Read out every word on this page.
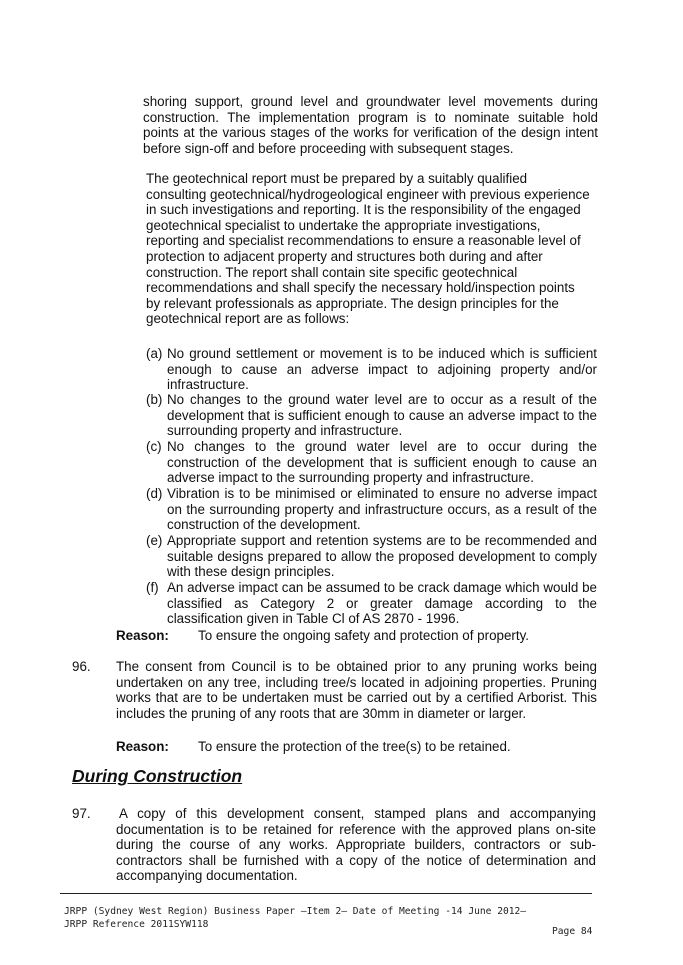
shoring support, ground level and groundwater level movements during construction. The implementation program is to nominate suitable hold points at the various stages of the works for verification of the design intent before sign-off and before proceeding with subsequent stages.
The geotechnical report must be prepared by a suitably qualified consulting geotechnical/hydrogeological engineer with previous experience in such investigations and reporting. It is the responsibility of the engaged geotechnical specialist to undertake the appropriate investigations, reporting and specialist recommendations to ensure a reasonable level of protection to adjacent property and structures both during and after construction. The report shall contain site specific geotechnical recommendations and shall specify the necessary hold/inspection points by relevant professionals as appropriate. The design principles for the geotechnical report are as follows:
(a) No ground settlement or movement is to be induced which is sufficient enough to cause an adverse impact to adjoining property and/or infrastructure.
(b) No changes to the ground water level are to occur as a result of the development that is sufficient enough to cause an adverse impact to the surrounding property and infrastructure.
(c) No changes to the ground water level are to occur during the construction of the development that is sufficient enough to cause an adverse impact to the surrounding property and infrastructure.
(d) Vibration is to be minimised or eliminated to ensure no adverse impact on the surrounding property and infrastructure occurs, as a result of the construction of the development.
(e) Appropriate support and retention systems are to be recommended and suitable designs prepared to allow the proposed development to comply with these design principles.
(f) An adverse impact can be assumed to be crack damage which would be classified as Category 2 or greater damage according to the classification given in Table Cl of AS 2870 - 1996.
Reason: To ensure the ongoing safety and protection of property.
96. The consent from Council is to be obtained prior to any pruning works being undertaken on any tree, including tree/s located in adjoining properties. Pruning works that are to be undertaken must be carried out by a certified Arborist. This includes the pruning of any roots that are 30mm in diameter or larger.
Reason: To ensure the protection of the tree(s) to be retained.
During Construction
97. A copy of this development consent, stamped plans and accompanying documentation is to be retained for reference with the approved plans on-site during the course of any works. Appropriate builders, contractors or sub-contractors shall be furnished with a copy of the notice of determination and accompanying documentation.
JRPP (Sydney West Region) Business Paper –Item 2– Date of Meeting -14 June 2012–
JRPP Reference 2011SYW118
Page 84
